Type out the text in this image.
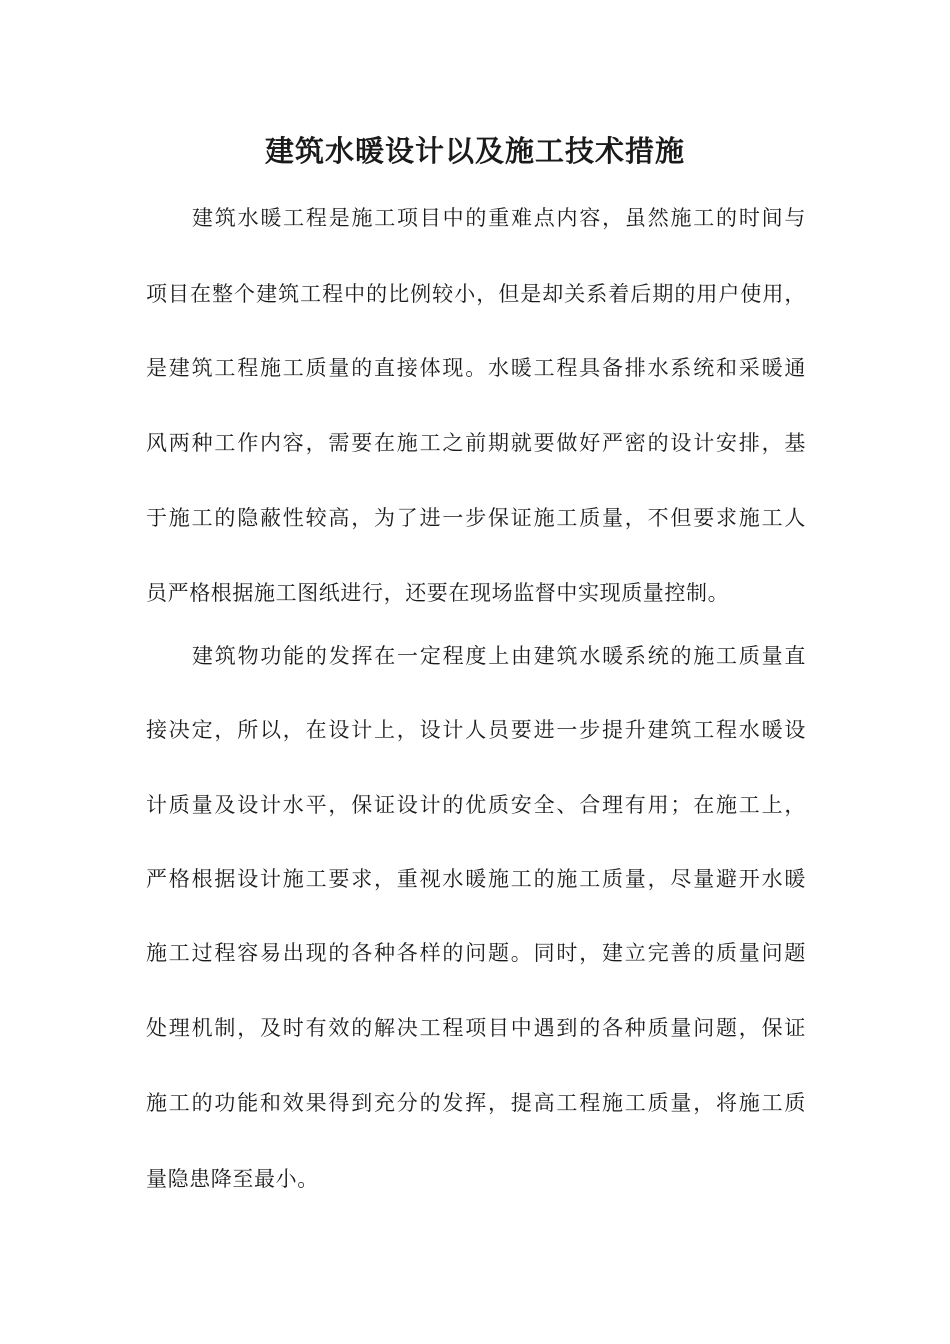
建筑水暖设计以及施工技术措施

建筑水暖工程是施工项目中的重难点内容，虽然施工的时间与

项目在整个建筑工程中的比例较小，但是却关系着后期的用户使用，

是建筑工程施工质量的直接体现。水暖工程具备排水系统和采暖通

风两种工作内容，需要在施工之前期就要做好严密的设计安排，基

于施工的隐蔽性较高，为了进一步保证施工质量，不但要求施工人

员严格根据施工图纸进行，还要在现场监督中实现质量控制。

建筑物功能的发挥在一定程度上由建筑水暖系统的施工质量直

接决定，所以，在设计上，设计人员要进一步提升建筑工程水暖设

计质量及设计水平，保证设计的优质安全、合理有用；在施工上，

严格根据设计施工要求，重视水暖施工的施工质量，尽量避开水暖

施工过程容易出现的各种各样的问题。同时，建立完善的质量问题

处理机制，及时有效的解决工程项目中遇到的各种质量问题，保证

施工的功能和效果得到充分的发挥，提高工程施工质量，将施工质

量隐患降至最小。
